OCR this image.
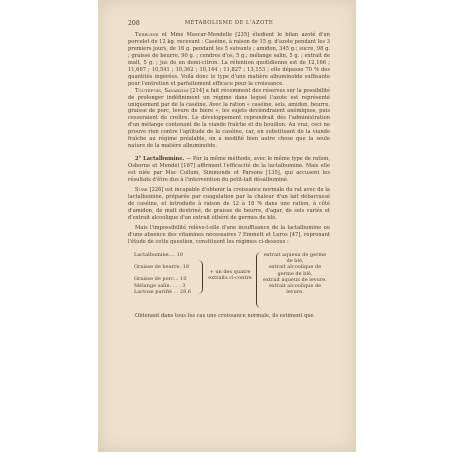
208	MÉTABOLISME DE L'AZOTE

Terroine et Mme Mascar-Mendelle [235] étudient le bilan azoté d'un porcelet de 12 kg. recevant : Caséine, à raison de 15 g. d'azote pendant les 3 premiers jours, de 16 g. pendant les 5 suivants ; amidon, 345 g.; sucre, 98 g. ; graisse de beurre, 90 g. ; cendres d'os, 5 g.; mélange salin, 5 g. ; extrait de malt, 5 g. ; jus de un demi-citron. La rétention quotidienne est de 12,166 ; 11,667 ; 10,541 ; 10,362 ; 10,144 ; 11,827 ; 13,153 ; elle dépasse 70 % des quantités ingérées. Voilà donc le type d'une matière albuminoïde suffisante pour l'entretien et parfaitement efficace pour la croissance.

Toutefois, Savarzini [214] a fait récemment des réserves sur la possibilité de prolonger indéfiniment un régime dans lequel l'azote est représenté uniquement par de la caséine. Avec la ration « caséine, sels, amidon, beurre, graisse de porc, levure de bière », les sujets deviendraient anémiques, puis cesseraient de croître. Le développement reprendrait dès l'administration d'un mélange contenant de la viande fraîche et du bouillon. Au vrai, ceci ne prouve rien contre l'aptitude de la caséine, car, en substituant de la viande fraîche au régime préalable, on a modifié bien autre chose que la seule nature de la matière albuminoïde.

2° Lactalbumine. — Par la même méthode, avec le même type de ration, Osborne et Mendel [187] affirment l'efficacité de la lactalbumine. Mais elle est niée par Mac Collum, Simmonds et Parsons [135], qui accusent les résultats d'être dus à l'intervention du petit-lait désalbuminé.

Sure [226] est incapable d'obtenir la croissance normale du rat avec de la lactalbumine, préparée par coagulation par la chaleur d'un lait débarrassé de caséine, et introduite à raison de 12 à 18 % dans une ration, à côté d'amidon, de malt dextriné, de graisse de beurre, d'agar, de sels variés et d'extrait alcoolique d'un extrait éthéré de germes de blé.

Mais l'impossibilité relève-t-elle d'une insuffisance de la lactalbumine ou d'une absence des vitamines nécessaires ? Emmett et Luros [47], reprenant l'étude de cette question, constituent les régimes ci-dessous :

Lactalbumine.... 10
Graisse de beurre. 18
Graisse de porc... 10
Mélange salin. . . . 3
Lactose purifié . . 28,6
+ un des quatre extraits ci-contre
extrait aqueux de germe de blé,
extrait alcoolique de germe de blé,
extrait aqueux de levure.
extrait alcoolique de levure.

Obtenant dans tous les cas une croissance normale, ils estiment que
